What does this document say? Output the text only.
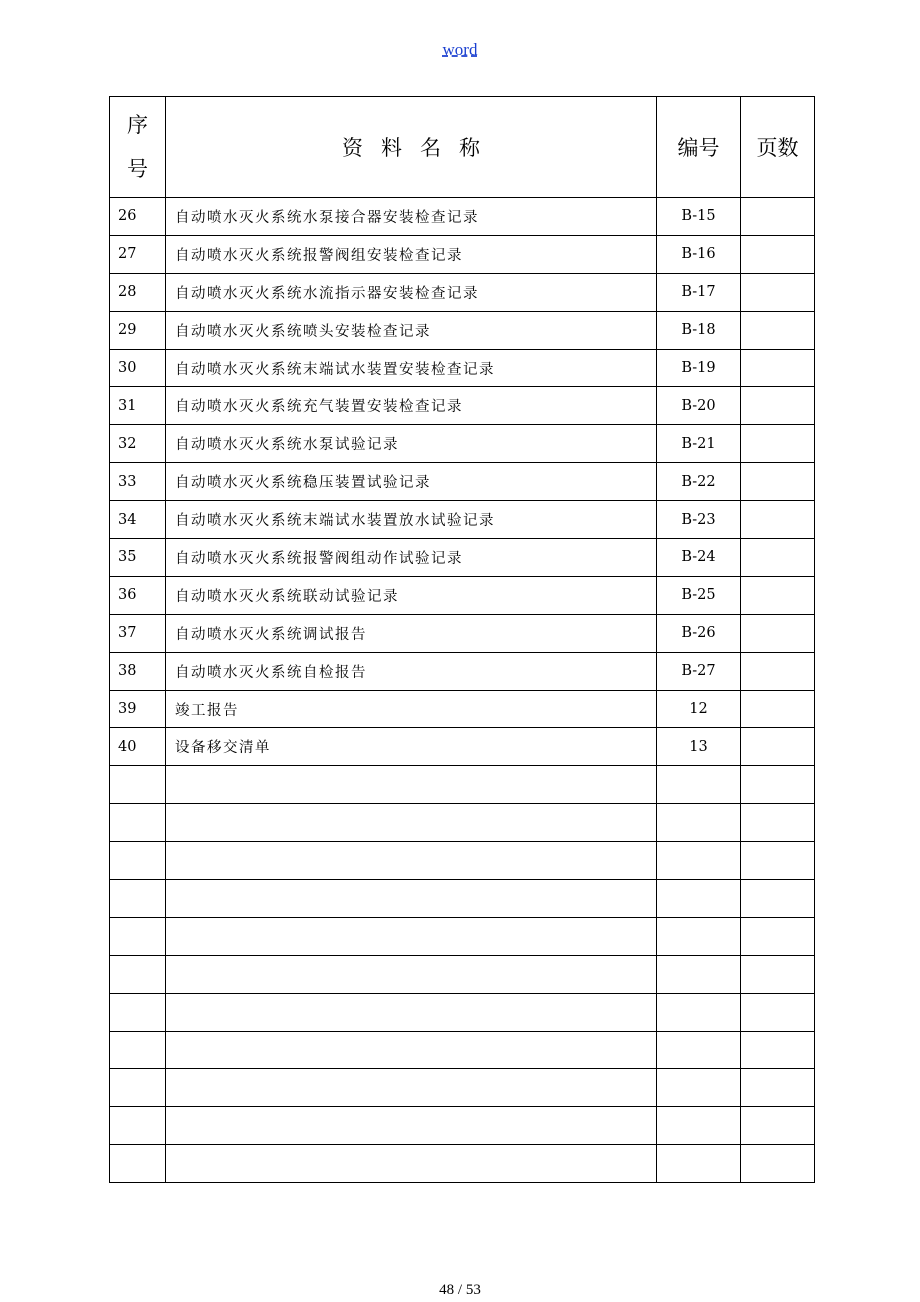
word
序
号	资料名称	编号	页数
26	自动喷水灭火系统水泵接合器安装检查记录	B-15	
27	自动喷水灭火系统报警阀组安装检查记录	B-16	
28	自动喷水灭火系统水流指示器安装检查记录	B-17	
29	自动喷水灭火系统喷头安装检查记录	B-18	
30	自动喷水灭火系统末端试水装置安装检查记录	B-19	
31	自动喷水灭火系统充气装置安装检查记录	B-20	
32	自动喷水灭火系统水泵试验记录	B-21	
33	自动喷水灭火系统稳压装置试验记录	B-22	
34	自动喷水灭火系统末端试水装置放水试验记录	B-23	
35	自动喷水灭火系统报警阀组动作试验记录	B-24	
36	自动喷水灭火系统联动试验记录	B-25	
37	自动喷水灭火系统调试报告	B-26	
38	自动喷水灭火系统自检报告	B-27	
39	竣工报告	12	
40	设备移交清单	13	

48 / 53
